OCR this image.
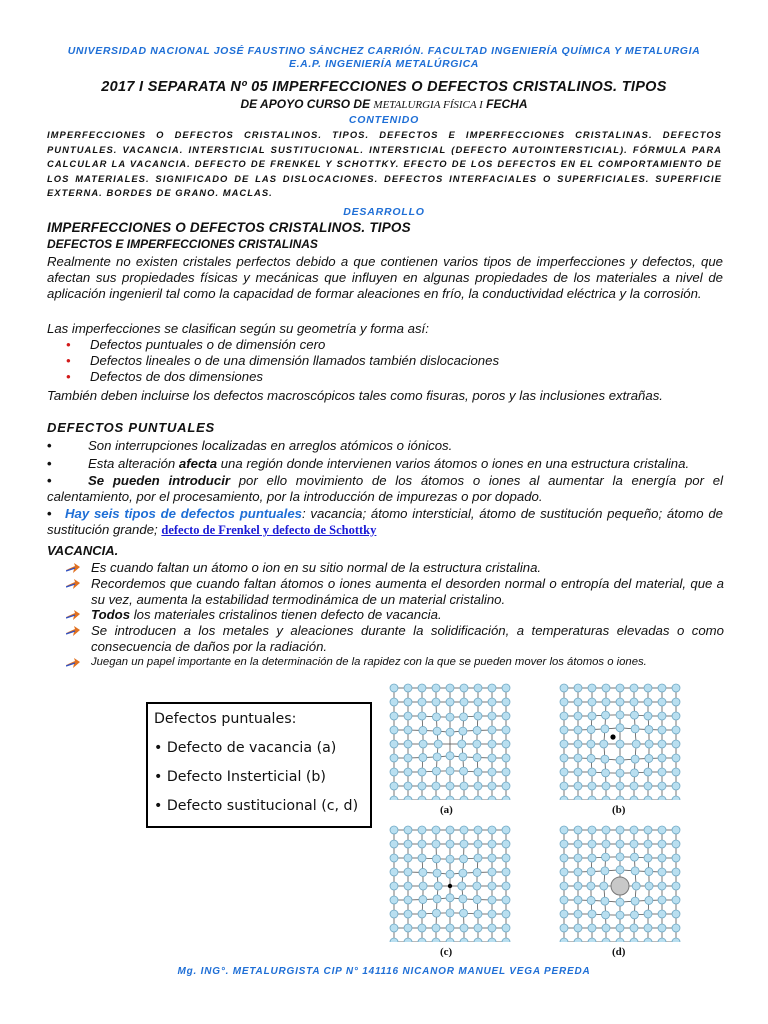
UNIVERSIDAD NACIONAL JOSÉ FAUSTINO SÁNCHEZ CARRIÓN. FACULTAD INGENIERÍA QUÍMICA Y METALURGIA
E.A.P. INGENIERÍA METALÚRGICA
2017 I SEPARATA Nº 05 IMPERFECCIONES O DEFECTOS CRISTALINOS. TIPOS
DE APOYO CURSO DE METALURGIA FÍSICA I FECHA
CONTENIDO
IMPERFECCIONES O DEFECTOS CRISTALINOS. TIPOS. DEFECTOS E IMPERFECCIONES CRISTALINAS. DEFECTOS PUNTUALES. VACANCIA. INTERSTICIAL SUSTITUCIONAL. INTERSTICIAL (DEFECTO AUTOINTERSTICIAL). FÓRMULA PARA CALCULAR LA VACANCIA. DEFECTO DE FRENKEL Y SCHOTTKY. EFECTO DE LOS DEFECTOS EN EL COMPORTAMIENTO DE LOS MATERIALES. SIGNIFICADO DE LAS DISLOCACIONES. DEFECTOS INTERFACIALES O SUPERFICIALES. SUPERFICIE EXTERNA. BORDES DE GRANO. MACLAS.
DESARROLLO
IMPERFECCIONES O DEFECTOS CRISTALINOS. TIPOS
DEFECTOS E IMPERFECCIONES CRISTALINAS
Realmente no existen cristales perfectos debido a que contienen varios tipos de imperfecciones y defectos, que afectan sus propiedades físicas y mecánicas que influyen en algunas propiedades de los materiales a nivel de aplicación ingenieril tal como la capacidad de formar aleaciones en frío, la conductividad eléctrica y la corrosión.
Las imperfecciones se clasifican según su geometría y forma así:
• Defectos puntuales o de dimensión cero
• Defectos lineales o de una dimensión llamados también dislocaciones
• Defectos de dos dimensiones
También deben incluirse los defectos macroscópicos tales como fisuras, poros y las inclusiones extrañas.
DEFECTOS PUNTUALES
•	Son interrupciones localizadas en arreglos atómicos o iónicos.
•	Esta alteración afecta una región donde intervienen varios átomos o iones en una estructura cristalina.
•	Se pueden introducir por ello movimiento de los átomos o iones al aumentar la energía por el calentamiento, por el procesamiento, por la introducción de impurezas o por dopado.
• Hay seis tipos de defectos puntuales: vacancia; átomo intersticial, átomo de sustitución pequeño; átomo de sustitución grande; defecto de Frenkel y defecto de Schottky
VACANCIA.
Es cuando faltan un átomo o ion en su sitio normal de la estructura cristalina.
Recordemos que cuando faltan átomos o iones aumenta el desorden normal o entropía del material, que a su vez, aumenta la estabilidad termodinámica de un material cristalino.
Todos los materiales cristalinos tienen defecto de vacancia.
Se introducen a los metales y aleaciones durante la solidificación, a temperaturas elevadas o como consecuencia de daños por la radiación.
Juegan un papel importante en la determinación de la rapidez con la que se pueden mover los átomos o iones.
Defectos puntuales:
• Defecto de vacancia (a)
• Defecto Insterticial (b)
• Defecto sustitucional (c, d)	(a)	(b)
(c)	(d)
Mg. ING°. METALURGISTA CIP N° 141116 NICANOR MANUEL VEGA PEREDA
